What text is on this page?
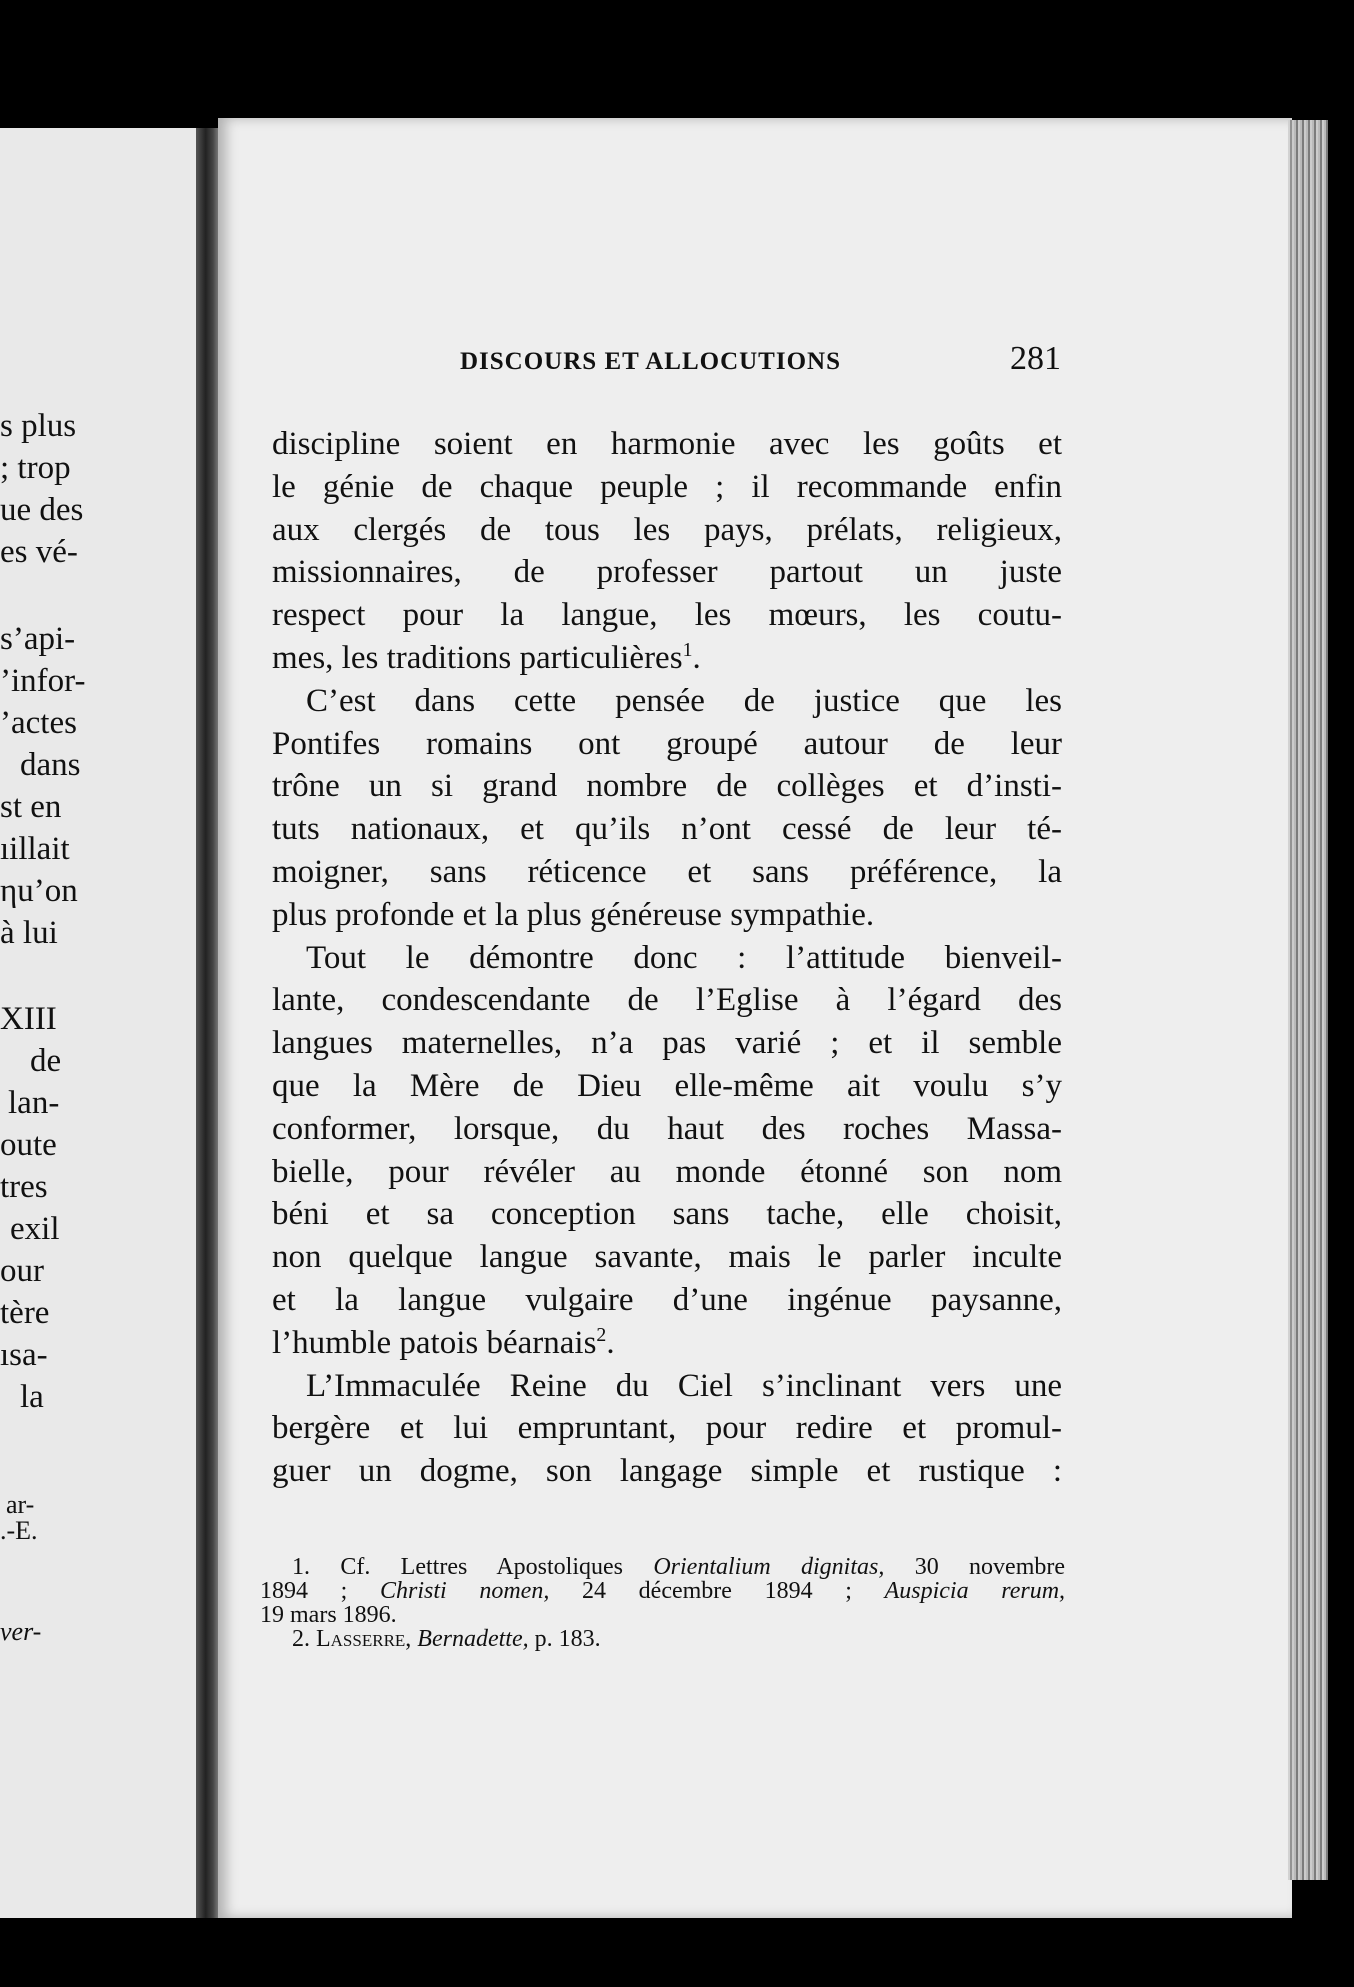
s plus
; trop
ue des
es vé-
s’api-
’infor-
’actes
dans
st en
ıillait
ηu’on
à lui
XIII
de
lan-
oute
tres
exil
our
tère
ısa-
la
ar-
.-E.
ver-
DISCOURS ET ALLOCUTIONS	281
discipline soient en harmonie avec les goûts et
le génie de chaque peuple ; il recommande enfin
aux clergés de tous les pays, prélats, religieux,
missionnaires, de professer partout un juste
respect pour la langue, les mœurs, les coutu-
mes, les traditions particulières$^1$.
C’est dans cette pensée de justice que les
Pontifes romains ont groupé autour de leur
trône un si grand nombre de collèges et d’insti-
tuts nationaux, et qu’ils n’ont cessé de leur té-
moigner, sans réticence et sans préférence, la
plus profonde et la plus généreuse sympathie.
Tout le démontre donc : l’attitude bienveil-
lante, condescendante de l’Eglise à l’égard des
langues maternelles, n’a pas varié ; et il semble
que la Mère de Dieu elle-même ait voulu s’y
conformer, lorsque, du haut des roches Massa-
bielle, pour révéler au monde étonné son nom
béni et sa conception sans tache, elle choisit,
non quelque langue savante, mais le parler inculte
et la langue vulgaire d’une ingénue paysanne,
l’humble patois béarnais$^2$.
L’Immaculée Reine du Ciel s’inclinant vers une
bergère et lui empruntant, pour redire et promul-
guer un dogme, son langage simple et rustique :
1. Cf. Lettres Apostoliques Orientalium dignitas, 30 novembre
1894 ; Christi nomen, 24 décembre 1894 ; Auspicia rerum,
19 mars 1896.
2. Lasserre, Bernadette, p. 183.
